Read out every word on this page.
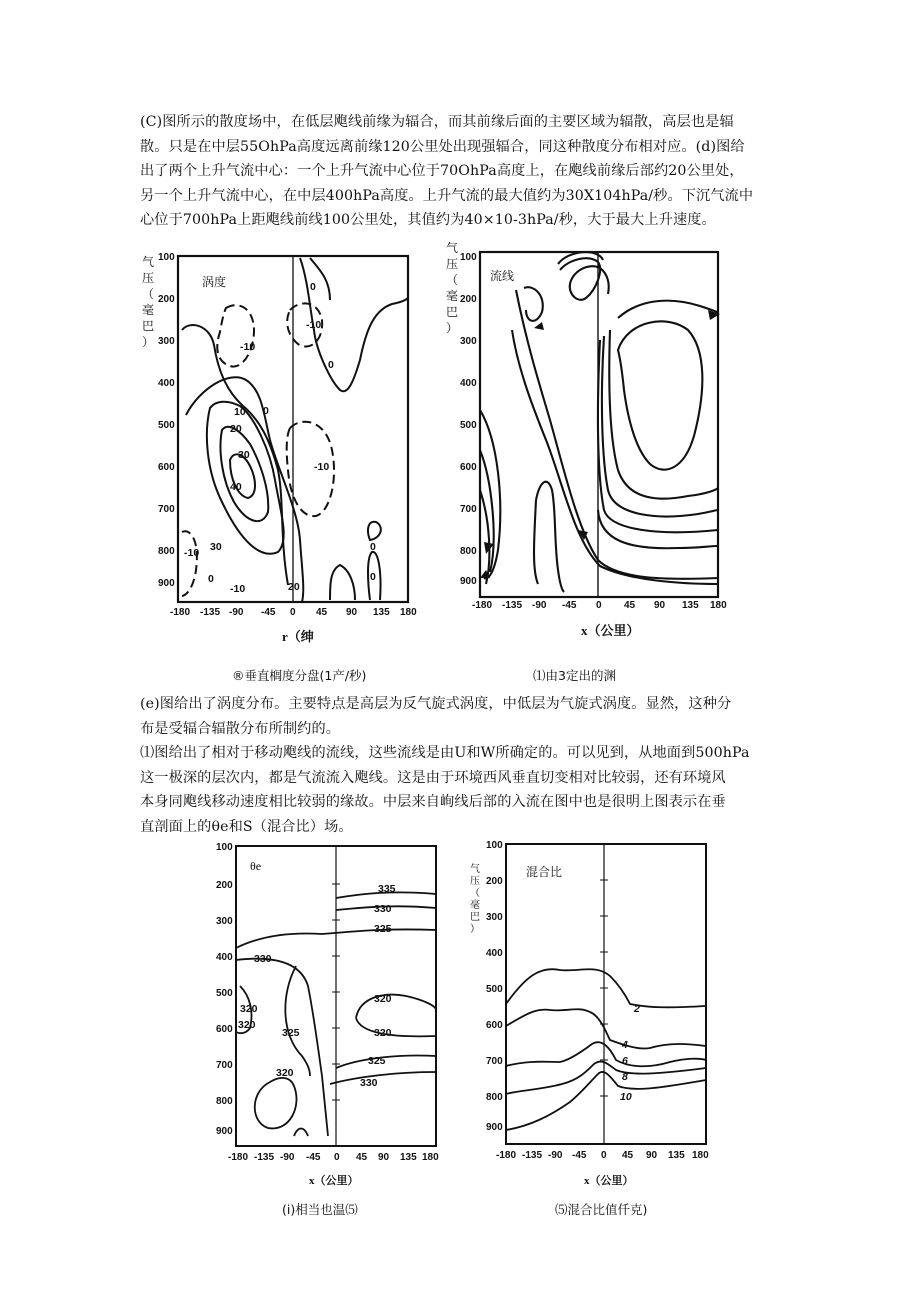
(C)图所示的散度场中，在低层飑线前缘为辐合，而其前缘后面的主要区域为辐散，高层也是辐
散。只是在中层55OhPa高度远离前缘120公里处出现强辐合，同这种散度分布相对应。(d)图给
出了两个上升气流中心：一个上升气流中心位于70OhPa高度上，在飑线前缘后部约20公里处，
另一个上升气流中心，在中层400hPa高度。上升气流的最大值约为30X104hPa/秒。下沉气流中
心位于700hPa上距飑线前线100公里处，其值约为40×10-3hPa/秒，大于最大上升速度。
气
压
（
毫
巴
）
100
200
300
400
500
600
700
800
900
-180 -135 -90 -45 0 45 90 135 180
涡度	0
-10
-10
0
10
20
30
40
0
-10
-10 30
0
-10	20
0
0
r（绅
®垂直榈度分盘(1产/秒)
气
压
（
毫
巴
）
100
200
300
400
500
600
700
800
900
-180 -135 -90 -45 0 45 90 135 180
流线
x（公里）
⑴由3定出的渊
(e)图给出了涡度分布。主要特点是高层为反气旋式涡度，中低层为气旋式涡度。显然，这种分
布是受辐合辐散分布所制约的。
⑴图给出了相对于移动飑线的流线，这些流线是由U和W所确定的。可以见到，从地面到500hPa
这一极深的层次内，都是气流流入飑线。这是由于环境西风垂直切变相对比较弱，还有环境风
本身同飑线移动速度相比较弱的缘故。中层来自峋线后部的入流在图中也是很明上图表示在垂
直剖面上的θe和S（混合比）场。
100
200
300
400
500
600
700
800
900
-180 -135 -90 -45 0 45 90 135 180
θe
335
330
325
330
320
320
320
325	320
325
330
320
x（公里）
(i)相当也温⑸
气
压
（
毫
巴
）
100
200
300
400
500
600
700
800
900
-180 -135 -90 -45 0 45 90 135 180
混合比
2
4
6
8
10
x（公里）
⑸混合比值仟克)
